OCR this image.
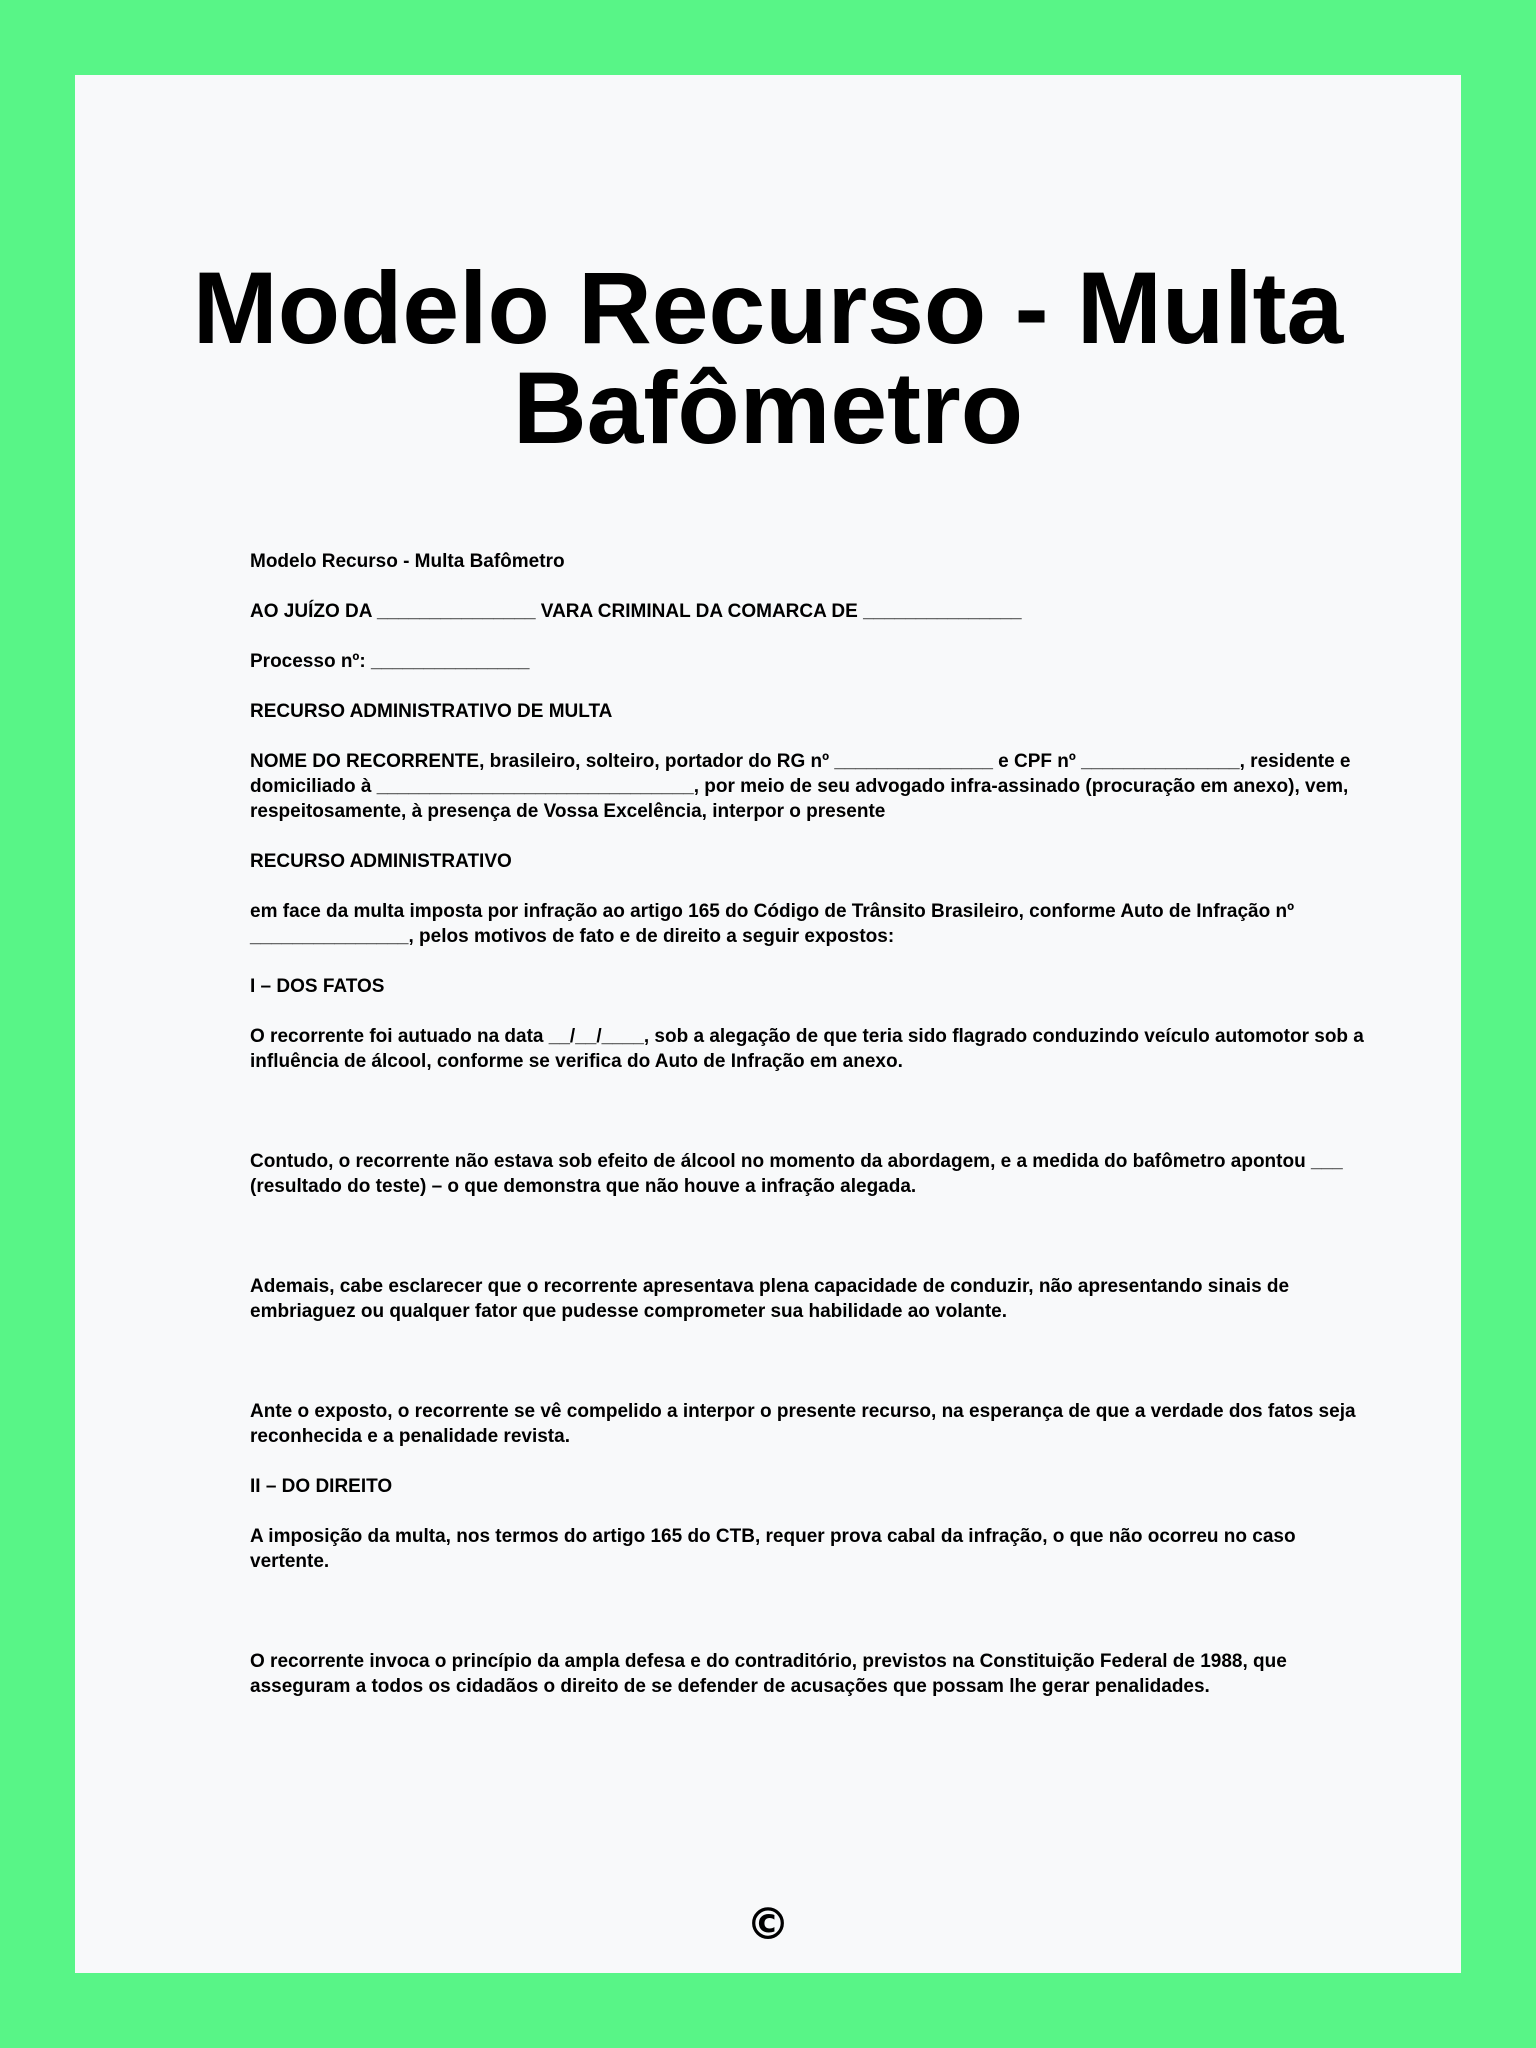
Modelo Recurso - Multa Bafômetro

Modelo Recurso - Multa Bafômetro

AO JUÍZO DA _______________ VARA CRIMINAL DA COMARCA DE _______________

Processo nº: _______________

RECURSO ADMINISTRATIVO DE MULTA

NOME DO RECORRENTE, brasileiro, solteiro, portador do RG nº _______________ e CPF nº _______________, residente e domiciliado à ______________________________, por meio de seu advogado infra-assinado (procuração em anexo), vem, respeitosamente, à presença de Vossa Excelência, interpor o presente

RECURSO ADMINISTRATIVO

em face da multa imposta por infração ao artigo 165 do Código de Trânsito Brasileiro, conforme Auto de Infração nº _______________, pelos motivos de fato e de direito a seguir expostos:

I – DOS FATOS

O recorrente foi autuado na data __/__/____, sob a alegação de que teria sido flagrado conduzindo veículo automotor sob a influência de álcool, conforme se verifica do Auto de Infração em anexo.

Contudo, o recorrente não estava sob efeito de álcool no momento da abordagem, e a medida do bafômetro apontou ___ (resultado do teste) – o que demonstra que não houve a infração alegada.

Ademais, cabe esclarecer que o recorrente apresentava plena capacidade de conduzir, não apresentando sinais de embriaguez ou qualquer fator que pudesse comprometer sua habilidade ao volante.

Ante o exposto, o recorrente se vê compelido a interpor o presente recurso, na esperança de que a verdade dos fatos seja reconhecida e a penalidade revista.

II – DO DIREITO

A imposição da multa, nos termos do artigo 165 do CTB, requer prova cabal da infração, o que não ocorreu no caso vertente.

O recorrente invoca o princípio da ampla defesa e do contraditório, previstos na Constituição Federal de 1988, que asseguram a todos os cidadãos o direito de se defender de acusações que possam lhe gerar penalidades.

©
